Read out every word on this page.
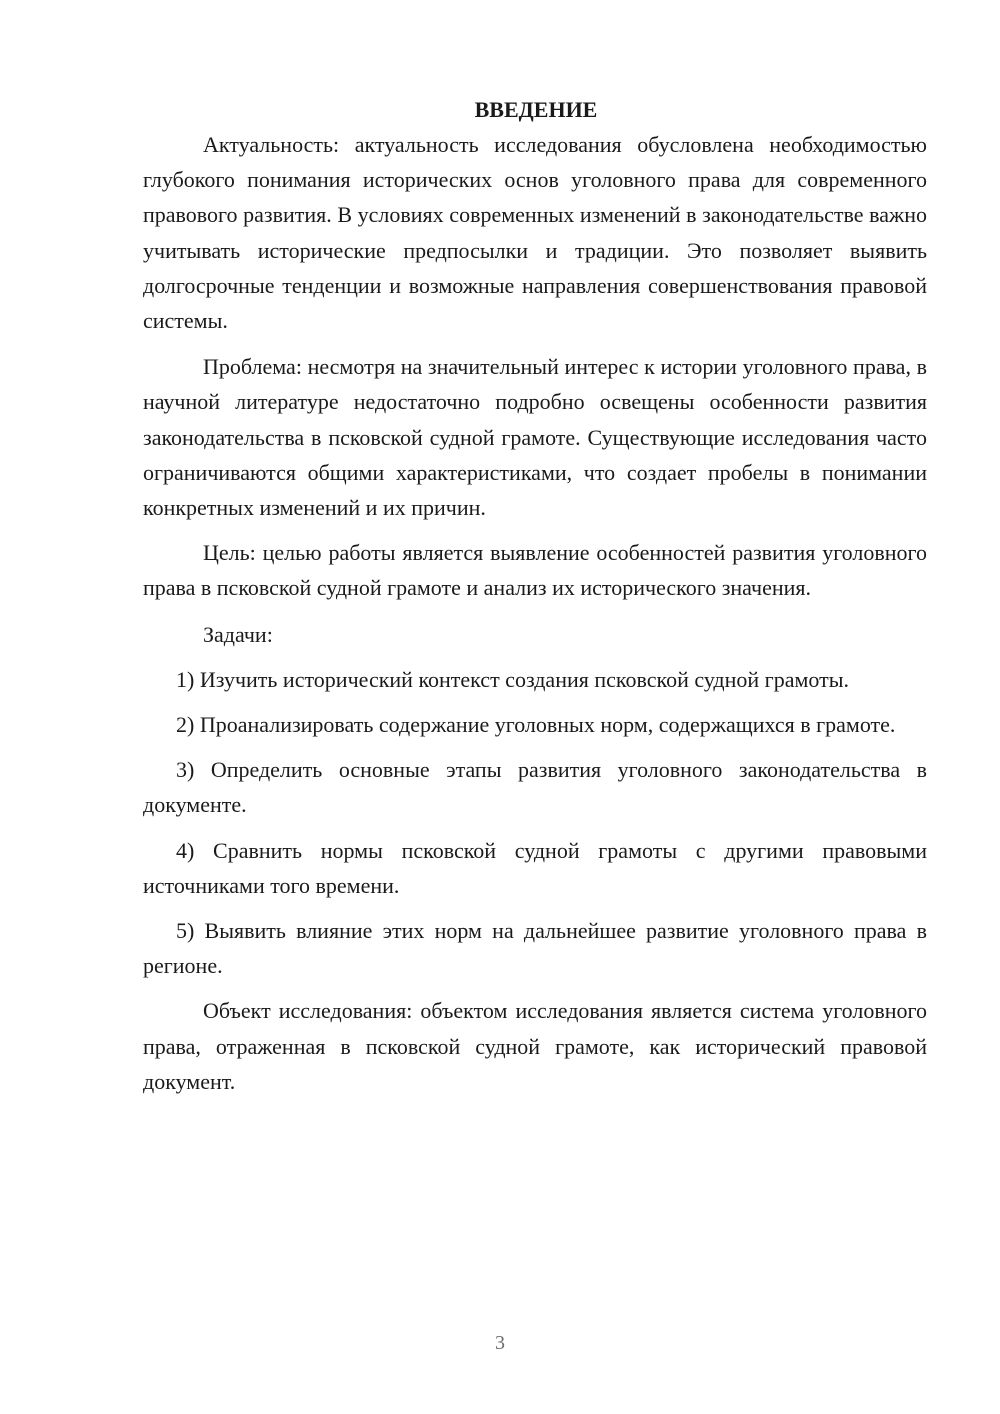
ВВЕДЕНИЕ

Актуальность: актуальность исследования обусловлена необходимостью глубокого понимания исторических основ уголовного права для современного правового развития. В условиях современных изменений в законодательстве важно учитывать исторические предпосылки и традиции. Это позволяет выявить долгосрочные тенденции и возможные направления совершенствования правовой системы.

Проблема: несмотря на значительный интерес к истории уголовного права, в научной литературе недостаточно подробно освещены особенности развития законодательства в псковской судной грамоте. Существующие исследования часто ограничиваются общими характеристиками, что создает пробелы в понимании конкретных изменений и их причин.

Цель: целью работы является выявление особенностей развития уголовного права в псковской судной грамоте и анализ их исторического значения.

Задачи:

1) Изучить исторический контекст создания псковской судной грамоты.

2) Проанализировать содержание уголовных норм, содержащихся в грамоте.

3) Определить основные этапы развития уголовного законодательства в документе.

4) Сравнить нормы псковской судной грамоты с другими правовыми источниками того времени.

5) Выявить влияние этих норм на дальнейшее развитие уголовного права в регионе.

Объект исследования: объектом исследования является система уголовного права, отраженная в псковской судной грамоте, как исторический правовой документ.

3
